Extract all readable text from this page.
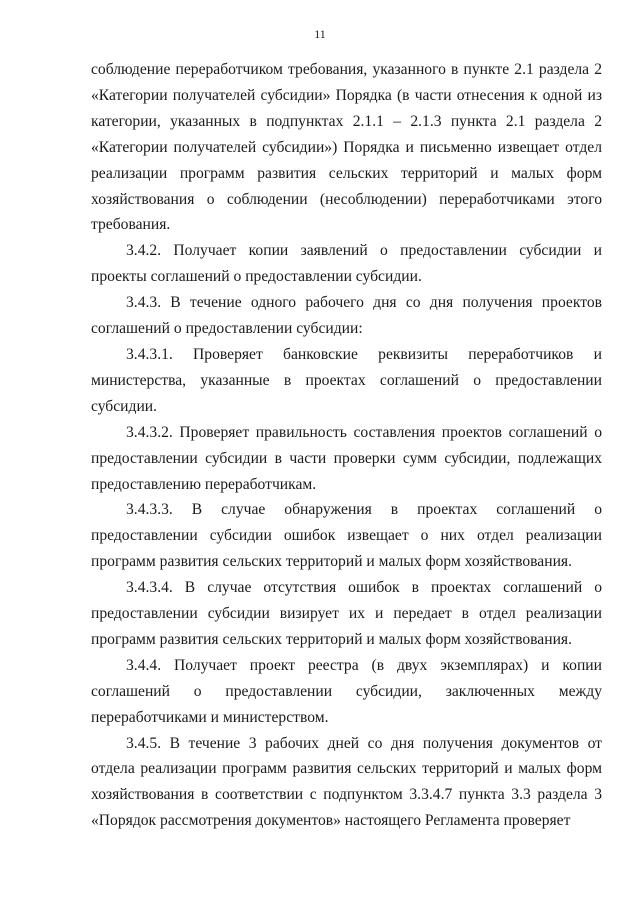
11

соблюдение переработчиком требования, указанного в пункте 2.1 раздела 2 «Категории получателей субсидии» Порядка (в части отнесения к одной из категории, указанных в подпунктах 2.1.1 – 2.1.3 пункта 2.1 раздела 2 «Категории получателей субсидии») Порядка и письменно извещает отдел реализации программ развития сельских территорий и малых форм хозяйствования о соблюдении (несоблюдении) переработчиками этого требования.

3.4.2. Получает копии заявлений о предоставлении субсидии и проекты соглашений о предоставлении субсидии.

3.4.3. В течение одного рабочего дня со дня получения проектов соглашений о предоставлении субсидии:

3.4.3.1. Проверяет банковские реквизиты переработчиков и министерства, указанные в проектах соглашений о предоставлении субсидии.

3.4.3.2. Проверяет правильность составления проектов соглашений о предоставлении субсидии в части проверки сумм субсидии, подлежащих предоставлению переработчикам.

3.4.3.3. В случае обнаружения в проектах соглашений о предоставлении субсидии ошибок извещает о них отдел реализации программ развития сельских территорий и малых форм хозяйствования.

3.4.3.4. В случае отсутствия ошибок в проектах соглашений о предоставлении субсидии визирует их и передает в отдел реализации программ развития сельских территорий и малых форм хозяйствования.

3.4.4. Получает проект реестра (в двух экземплярах) и копии соглашений о предоставлении субсидии, заключенных между переработчиками и министерством.

3.4.5. В течение 3 рабочих дней со дня получения документов от отдела реализации программ развития сельских территорий и малых форм хозяйствования в соответствии с подпунктом 3.3.4.7 пункта 3.3 раздела 3 «Порядок рассмотрения документов» настоящего Регламента проверяет
